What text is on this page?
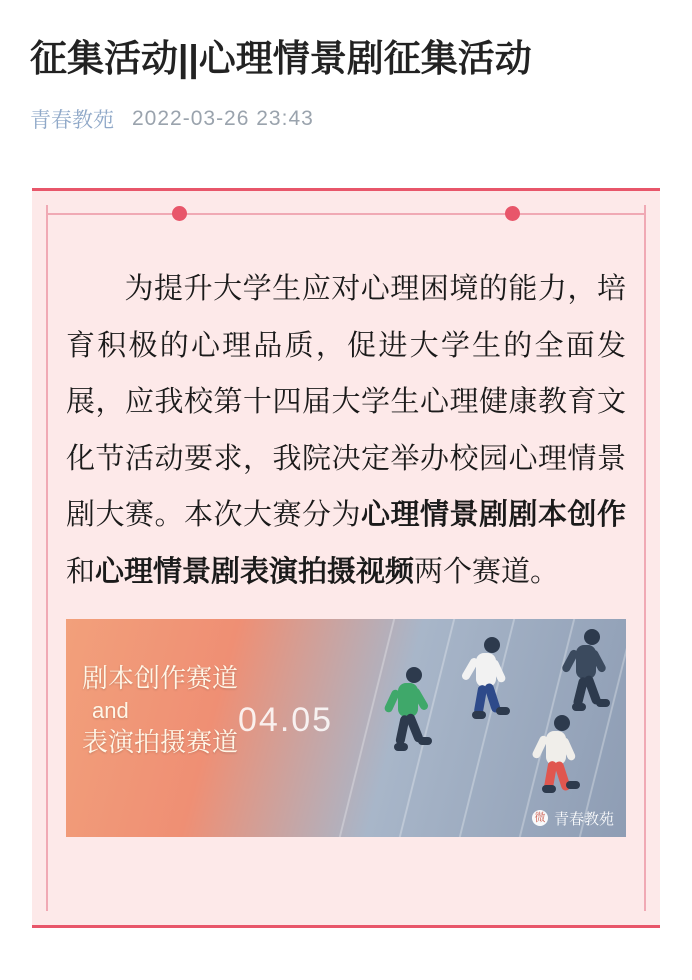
征集活动||心理情景剧征集活动
青春教苑 2022-03-26 23:43
为提升大学生应对心理困境的能力，培育积极的心理品质，促进大学生的全面发展，应我校第十四届大学生心理健康教育文化节活动要求，我院决定举办校园心理情景剧大赛。本次大赛分为心理情景剧剧本创作和心理情景剧表演拍摄视频两个赛道。
剧本创作赛道
and
表演拍摄赛道
04.05
微 青春教苑
